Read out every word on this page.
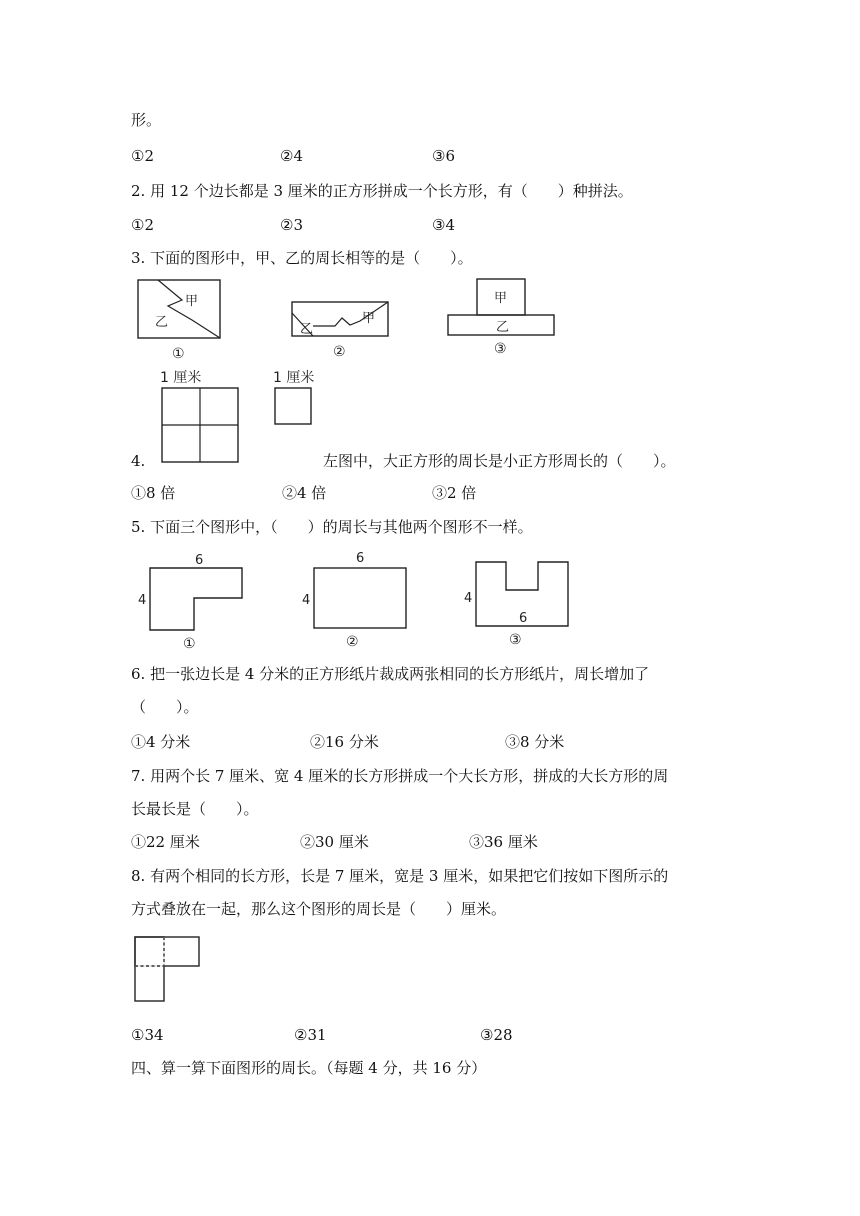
形。
①2	②4	③6
2. 用 12 个边长都是 3 厘米的正方形拼成一个长方形，有（　　）种拼法。
①2	②3	③4
3. 下面的图形中，甲、乙的周长相等的是（　　）。
甲
乙
①
甲
乙
②
甲
乙
③
1 厘米	1 厘米
4.	左图中，大正方形的周长是小正方形周长的（　　）。
①8 倍	②4 倍	③2 倍
5. 下面三个图形中，（　　）的周长与其他两个图形不一样。
6
4
①
6
4
②
4
6
③
6. 把一张边长是 4 分米的正方形纸片裁成两张相同的长方形纸片，周长增加了
（　　）。
①4 分米	②16 分米	③8 分米
7. 用两个长 7 厘米、宽 4 厘米的长方形拼成一个大长方形，拼成的大长方形的周
长最长是（　　）。
①22 厘米	②30 厘米	③36 厘米
8. 有两个相同的长方形，长是 7 厘米，宽是 3 厘米，如果把它们按如下图所示的
方式叠放在一起，那么这个图形的周长是（　　）厘米。
①34	②31	③28
四、算一算下面图形的周长。（每题 4 分，共 16 分）
